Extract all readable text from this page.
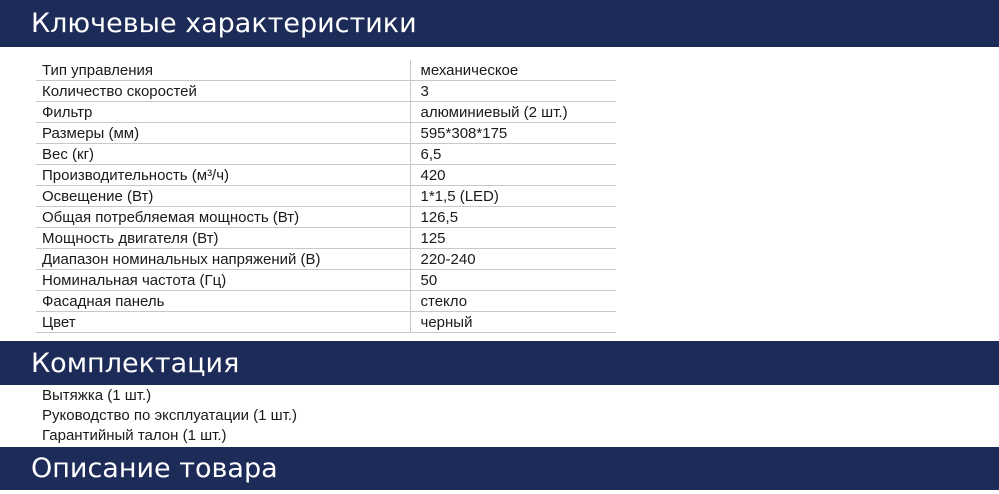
Ключевые характеристики
Тип управления	механическое
Количество скоростей	3
Фильтр	алюминиевый (2 шт.)
Размеры (мм)	595*308*175
Вес (кг)	6,5
Производительность (м³/ч)	420
Освещение (Вт)	1*1,5 (LED)
Общая потребляемая мощность (Вт)	126,5
Мощность двигателя (Вт)	125
Диапазон номинальных напряжений (В)	220-240
Номинальная частота (Гц)	50
Фасадная панель	стекло
Цвет	черный
Комплектация
Вытяжка (1 шт.)
Руководство по эксплуатации (1 шт.)
Гарантийный талон (1 шт.)
Описание товара
